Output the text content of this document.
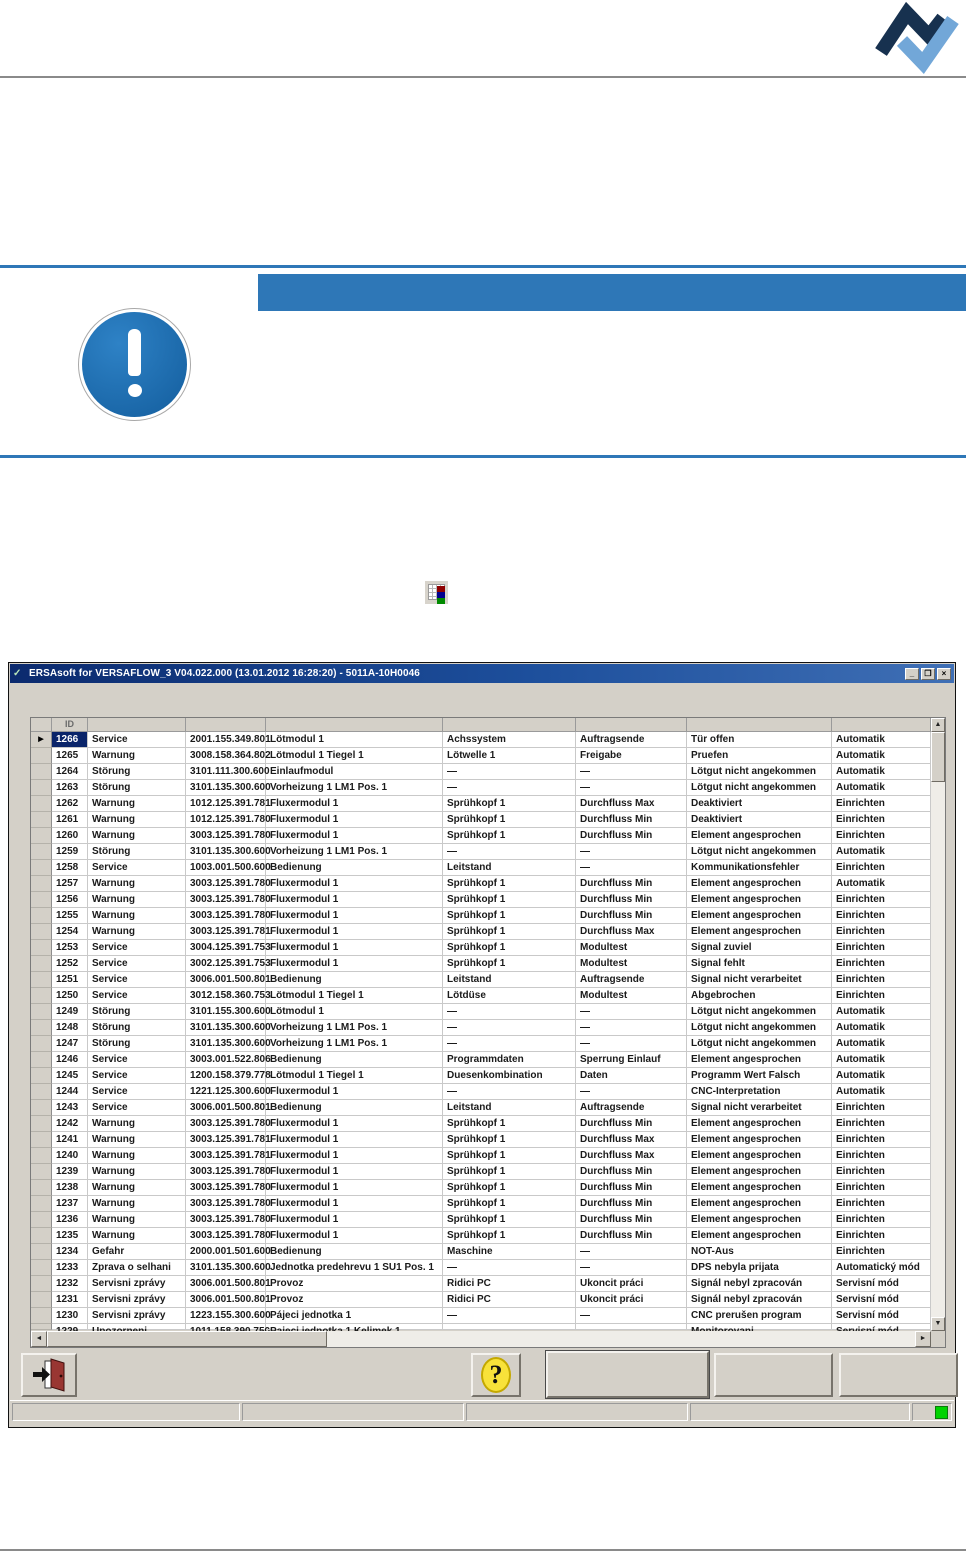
✓ ERSAsoft for VERSAFLOW_3 V04.022.000 (13.01.2012 16:28:20) - 5011A-10H0046	_	❐	×
ID
▶	1266	Service	2001.155.349.801 Lötmodul 1	Achssystem	Auftragsende	Tür offen	Automatik
1265	Warnung	3008.158.364.802 Lötmodul 1 Tiegel 1	Lötwelle 1	Freigabe	Pruefen	Automatik
1264	Störung	3101.111.300.600 Einlaufmodul	—	—	Lötgut nicht angekommen	Automatik
1263	Störung	3101.135.300.600 Vorheizung 1 LM1 Pos. 1	—	—	Lötgut nicht angekommen	Automatik
1262	Warnung	1012.125.391.781 Fluxermodul 1	Sprühkopf 1	Durchfluss Max	Deaktiviert	Einrichten
1261	Warnung	1012.125.391.780 Fluxermodul 1	Sprühkopf 1	Durchfluss Min	Deaktiviert	Einrichten
1260	Warnung	3003.125.391.780 Fluxermodul 1	Sprühkopf 1	Durchfluss Min	Element angesprochen	Einrichten
1259	Störung	3101.135.300.600 Vorheizung 1 LM1 Pos. 1	—	—	Lötgut nicht angekommen	Automatik
1258	Service	1003.001.500.600 Bedienung	Leitstand	—	Kommunikationsfehler	Einrichten
1257	Warnung	3003.125.391.780 Fluxermodul 1	Sprühkopf 1	Durchfluss Min	Element angesprochen	Automatik
1256	Warnung	3003.125.391.780 Fluxermodul 1	Sprühkopf 1	Durchfluss Min	Element angesprochen	Einrichten
1255	Warnung	3003.125.391.780 Fluxermodul 1	Sprühkopf 1	Durchfluss Min	Element angesprochen	Einrichten
1254	Warnung	3003.125.391.781 Fluxermodul 1	Sprühkopf 1	Durchfluss Max	Element angesprochen	Einrichten
1253	Service	3004.125.391.753 Fluxermodul 1	Sprühkopf 1	Modultest	Signal zuviel	Einrichten
1252	Service	3002.125.391.753 Fluxermodul 1	Sprühkopf 1	Modultest	Signal fehlt	Einrichten
1251	Service	3006.001.500.801 Bedienung	Leitstand	Auftragsende	Signal nicht verarbeitet	Einrichten
1250	Service	3012.158.360.753 Lötmodul 1 Tiegel 1	Lötdüse	Modultest	Abgebrochen	Einrichten
1249	Störung	3101.155.300.600 Lötmodul 1	—	—	Lötgut nicht angekommen	Automatik
1248	Störung	3101.135.300.600 Vorheizung 1 LM1 Pos. 1	—	—	Lötgut nicht angekommen	Automatik
1247	Störung	3101.135.300.600 Vorheizung 1 LM1 Pos. 1	—	—	Lötgut nicht angekommen	Automatik
1246	Service	3003.001.522.806 Bedienung	Programmdaten	Sperrung Einlauf	Element angesprochen	Automatik
1245	Service	1200.158.379.778 Lötmodul 1 Tiegel 1	Duesenkombination	Daten	Programm Wert Falsch	Automatik
1244	Service	1221.125.300.600 Fluxermodul 1	—	—	CNC-Interpretation	Automatik
1243	Service	3006.001.500.801 Bedienung	Leitstand	Auftragsende	Signal nicht verarbeitet	Einrichten
1242	Warnung	3003.125.391.780 Fluxermodul 1	Sprühkopf 1	Durchfluss Min	Element angesprochen	Einrichten
1241	Warnung	3003.125.391.781 Fluxermodul 1	Sprühkopf 1	Durchfluss Max	Element angesprochen	Einrichten
1240	Warnung	3003.125.391.781 Fluxermodul 1	Sprühkopf 1	Durchfluss Max	Element angesprochen	Einrichten
1239	Warnung	3003.125.391.780 Fluxermodul 1	Sprühkopf 1	Durchfluss Min	Element angesprochen	Einrichten
1238	Warnung	3003.125.391.780 Fluxermodul 1	Sprühkopf 1	Durchfluss Min	Element angesprochen	Einrichten
1237	Warnung	3003.125.391.780 Fluxermodul 1	Sprühkopf 1	Durchfluss Min	Element angesprochen	Einrichten
1236	Warnung	3003.125.391.780 Fluxermodul 1	Sprühkopf 1	Durchfluss Min	Element angesprochen	Einrichten
1235	Warnung	3003.125.391.780 Fluxermodul 1	Sprühkopf 1	Durchfluss Min	Element angesprochen	Einrichten
1234	Gefahr	2000.001.501.600 Bedienung	Maschine	—	NOT-Aus	Einrichten
1233	Zprava o selhani	3101.135.300.600 Jednotka predehrevu 1 SU1 Pos. 1	—	—	DPS nebyla prijata	Automatický mód
1232	Servisni zprávy	3006.001.500.801 Provoz	Ridici PC	Ukoncit práci	Signál nebyl zpracován	Servisní mód
1231	Servisni zprávy	3006.001.500.801 Provoz	Ridici PC	Ukoncit práci	Signál nebyl zpracován	Servisní mód
1230	Servisni zprávy	1223.155.300.600 Pájeci jednotka 1	—	—	CNC prerušen program	Servisní mód
▲
▼
◄	►
?
